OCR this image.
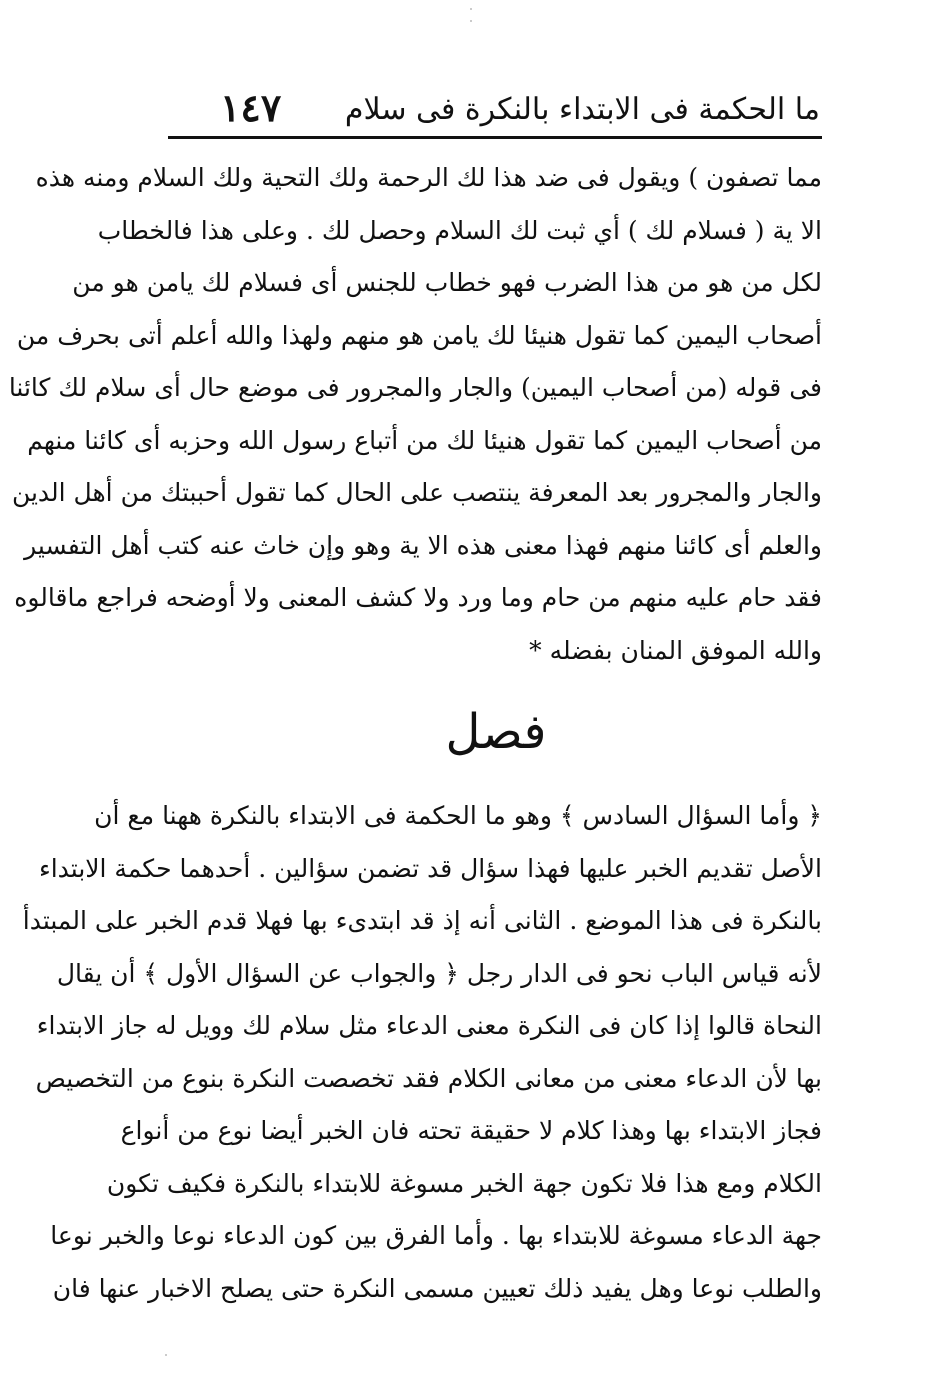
ما الحكمة فى الابتداء بالنكرة فى سلام
١٤٧
مما تصفون ) ويقول فى ضد هذا لك الرحمة ولك التحية ولك السلام ومنه هذه
الا ية ( فسلام لك ) أي ثبت لك السلام وحصل لك . وعلى هذا فالخطاب
لكل من هو من هذا الضرب فهو خطاب للجنس أى فسلام لك يامن هو من
أصحاب اليمين كما تقول هنيئا لك يامن هو منهم ولهذا والله أعلم أتى بحرف من
فى قوله (من أصحاب اليمين) والجار والمجرور فى موضع حال أى سلام لك كائنا
من أصحاب اليمين كما تقول هنيئا لك من أتباع رسول الله وحزبه أى كائنا منهم
والجار والمجرور بعد المعرفة ينتصب على الحال كما تقول أحببتك من أهل الدين
والعلم أى كائنا منهم فهذا معنى هذه الا ية وهو وإن خاث عنه كتب أهل التفسير
فقد حام عليه منهم من حام وما ورد ولا كشف المعنى ولا أوضحه فراجع ماقالوه
والله الموفق المنان بفضله *
فصل
﴿ وأما السؤال السادس ﴾ وهو ما الحكمة فى الابتداء بالنكرة ههنا مع أن
الأصل تقديم الخبر عليها فهذا سؤال قد تضمن سؤالين . أحدهما حكمة الابتداء
بالنكرة فى هذا الموضع . الثانى أنه إذ قد ابتدىء بها فهلا قدم الخبر على المبتدأ
لأنه قياس الباب نحو فى الدار رجل ﴿ والجواب عن السؤال الأول ﴾ أن يقال
النحاة قالوا إذا كان فى النكرة معنى الدعاء مثل سلام لك وويل له جاز الابتداء
بها لأن الدعاء معنى من معانى الكلام فقد تخصصت النكرة بنوع من التخصيص
فجاز الابتداء بها وهذا كلام لا حقيقة تحته فان الخبر أيضا نوع من أنواع
الكلام ومع هذا فلا تكون جهة الخبر مسوغة للابتداء بالنكرة فكيف تكون
جهة الدعاء مسوغة للابتداء بها . وأما الفرق بين كون الدعاء نوعا والخبر نوعا
والطلب نوعا وهل يفيد ذلك تعيين مسمى النكرة حتى يصلح الاخبار عنها فان
